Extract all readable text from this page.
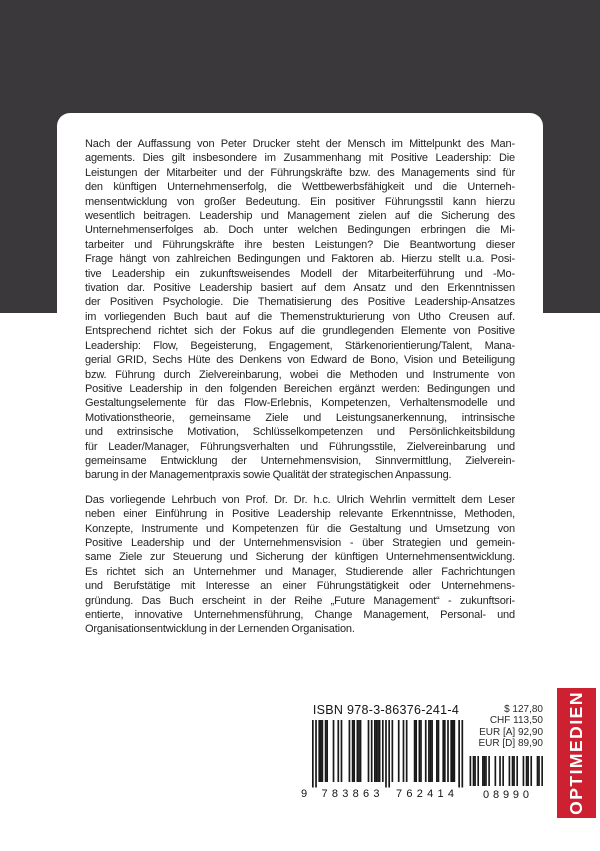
Nach der Auffassung von Peter Drucker steht der Mensch im Mittelpunkt des Man-
agements. Dies gilt insbesondere im Zusammenhang mit Positive Leadership: Die
Leistungen der Mitarbeiter und der Führungskräfte bzw. des Managements sind für
den künftigen Unternehmenserfolg, die Wettbewerbsfähigkeit und die Unterneh-
mensentwicklung von großer Bedeutung. Ein positiver Führungsstil kann hierzu
wesentlich beitragen. Leadership und Management zielen auf die Sicherung des
Unternehmenserfolges ab. Doch unter welchen Bedingungen erbringen die Mi-
tarbeiter und Führungskräfte ihre besten Leistungen? Die Beantwortung dieser
Frage hängt von zahlreichen Bedingungen und Faktoren ab. Hierzu stellt u.a. Posi-
tive Leadership ein zukunftsweisendes Modell der Mitarbeiterführung und -Mo-
tivation dar. Positive Leadership basiert auf dem Ansatz und den Erkenntnissen
der Positiven Psychologie. Die Thematisierung des Positive Leadership-Ansatzes
im vorliegenden Buch baut auf die Themenstrukturierung von Utho Creusen auf.
Entsprechend richtet sich der Fokus auf die grundlegenden Elemente von Positive
Leadership: Flow, Begeisterung, Engagement, Stärkenorientierung/Talent, Mana-
gerial GRID, Sechs Hüte des Denkens von Edward de Bono, Vision und Beteiligung
bzw. Führung durch Zielvereinbarung, wobei die Methoden und Instrumente von
Positive Leadership in den folgenden Bereichen ergänzt werden: Bedingungen und
Gestaltungselemente für das Flow-Erlebnis, Kompetenzen, Verhaltensmodelle und
Motivationstheorie, gemeinsame Ziele und Leistungsanerkennung, intrinsische
und extrinsische Motivation, Schlüsselkompetenzen und Persönlichkeitsbildung
für Leader/Manager, Führungsverhalten und Führungsstile, Zielvereinbarung und
gemeinsame Entwicklung der Unternehmensvision, Sinnvermittlung, Zielverein-
barung in der Managementpraxis sowie Qualität der strategischen Anpassung.
Das vorliegende Lehrbuch von Prof. Dr. Dr. h.c. Ulrich Wehrlin vermittelt dem Leser
neben einer Einführung in Positive Leadership relevante Erkenntnisse, Methoden,
Konzepte, Instrumente und Kompetenzen für die Gestaltung und Umsetzung von
Positive Leadership und der Unternehmensvision - über Strategien und gemein-
same Ziele zur Steuerung und Sicherung der künftigen Unternehmensentwicklung.
Es richtet sich an Unternehmer und Manager, Studierende aller Fachrichtungen
und Berufstätige mit Interesse an einer Führungstätigkeit oder Unternehmens-
gründung. Das Buch erscheint in der Reihe „Future Management“ - zukunftsori-
entierte, innovative Unternehmensführung, Change Management, Personal- und
Organisationsentwicklung in der Lernenden Organisation.
ISBN 978-3-86376-241-4
9 783863 762414	08990
$ 127,80
CHF 113,50
EUR [A] 92,90
EUR [D] 89,90 OPTIMEDIEN
